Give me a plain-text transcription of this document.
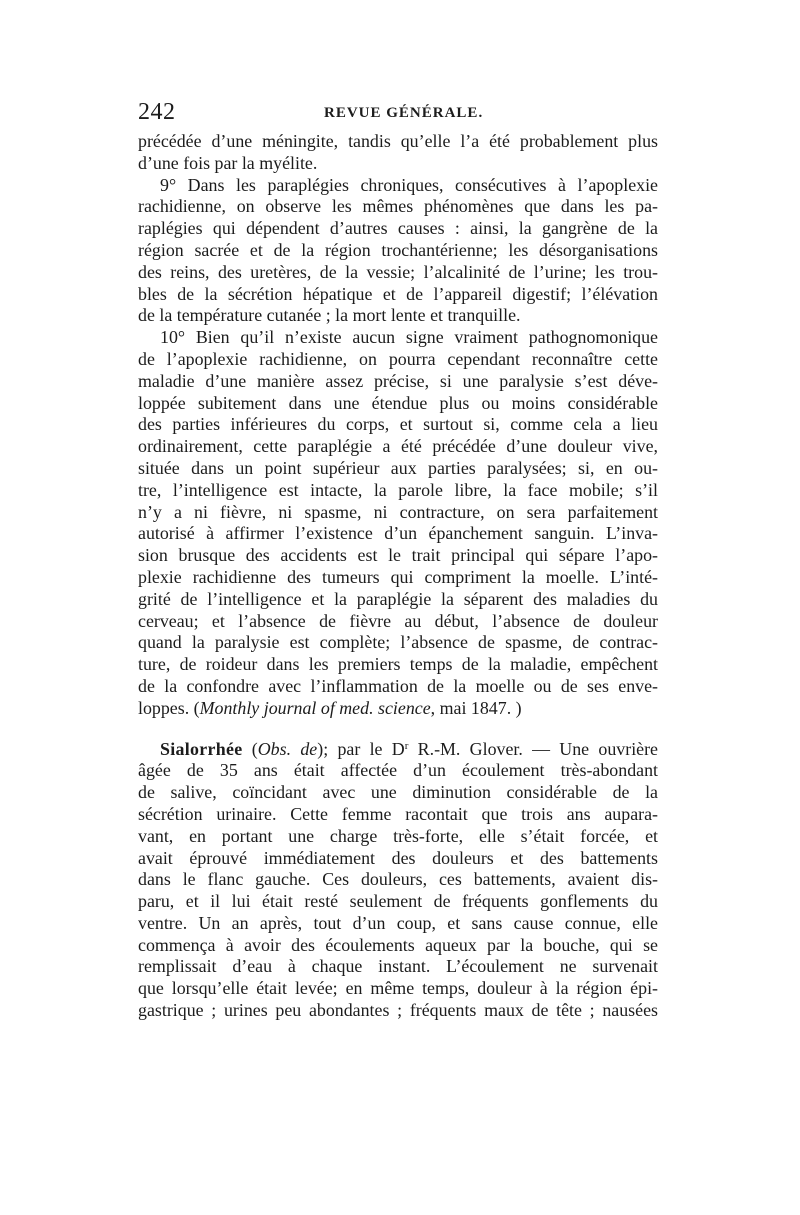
242	REVUE GÉNÉRALE.
précédée d’une méningite, tandis qu’elle l’a été probablement plus
d’une fois par la myélite.
9° Dans les paraplégies chroniques, consécutives à l’apoplexie
rachidienne, on observe les mêmes phénomènes que dans les pa-
raplégies qui dépendent d’autres causes : ainsi, la gangrène de la
région sacrée et de la région trochantérienne; les désorganisations
des reins, des uretères, de la vessie; l’alcalinité de l’urine; les trou-
bles de la sécrétion hépatique et de l’appareil digestif; l’élévation
de la température cutanée ; la mort lente et tranquille.
10° Bien qu’il n’existe aucun signe vraiment pathognomonique
de l’apoplexie rachidienne, on pourra cependant reconnaître cette
maladie d’une manière assez précise, si une paralysie s’est déve-
loppée subitement dans une étendue plus ou moins considérable
des parties inférieures du corps, et surtout si, comme cela a lieu
ordinairement, cette paraplégie a été précédée d’une douleur vive,
située dans un point supérieur aux parties paralysées; si, en ou-
tre, l’intelligence est intacte, la parole libre, la face mobile; s’il
n’y a ni fièvre, ni spasme, ni contracture, on sera parfaitement
autorisé à affirmer l’existence d’un épanchement sanguin. L’inva-
sion brusque des accidents est le trait principal qui sépare l’apo-
plexie rachidienne des tumeurs qui compriment la moelle. L’inté-
grité de l’intelligence et la paraplégie la séparent des maladies du
cerveau; et l’absence de fièvre au début, l’absence de douleur
quand la paralysie est complète; l’absence de spasme, de contrac-
ture, de roideur dans les premiers temps de la maladie, empêchent
de la confondre avec l’inflammation de la moelle ou de ses enve-
loppes. (Monthly journal of med. science, mai 1847. )
Sialorrhée (Obs. de); par le $D^r$ R.-M. Glover. — Une ouvrière
âgée de 35 ans était affectée d’un écoulement très-abondant
de salive, coïncidant avec une diminution considérable de la
sécrétion urinaire. Cette femme racontait que trois ans aupara-
vant, en portant une charge très-forte, elle s’était forcée, et
avait éprouvé immédiatement des douleurs et des battements
dans le flanc gauche. Ces douleurs, ces battements, avaient dis-
paru, et il lui était resté seulement de fréquents gonflements du
ventre. Un an après, tout d’un coup, et sans cause connue, elle
commença à avoir des écoulements aqueux par la bouche, qui se
remplissait d’eau à chaque instant. L’écoulement ne survenait
que lorsqu’elle était levée; en même temps, douleur à la région épi-
gastrique ; urines peu abondantes ; fréquents maux de tête ; nausées
